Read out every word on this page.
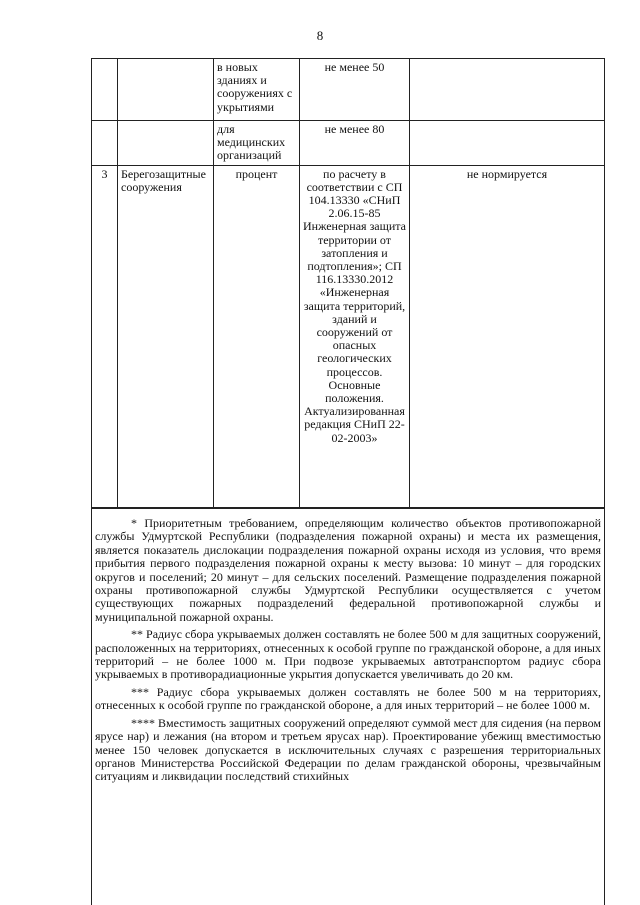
8
		в новых зданиях и сооружениях с укрытиями	не менее 50	
		для медицинских организаций	не менее 80	
3	Берегозащитные сооружения	процент	по расчету в соответствии с СП 104.13330 «СНиП 2.06.15-85 Инженерная защита территории от затопления и подтопления»; СП 116.13330.2012 «Инженерная защита территорий, зданий и сооружений от опасных геологических процессов. Основные положения. Актуализированная редакция СНиП 22-02-2003»	не нормируется

* Приоритетным требованием, определяющим количество объектов противопожарной службы Удмуртской Республики (подразделения пожарной охраны) и места их размещения, является показатель дислокации подразделения пожарной охраны исходя из условия, что время прибытия первого подразделения пожарной охраны к месту вызова: 10 минут – для городских округов и поселений; 20 минут – для сельских поселений. Размещение подразделения пожарной охраны противопожарной службы Удмуртской Республики осуществляется с учетом существующих пожарных подразделений федеральной противопожарной службы и муниципальной пожарной охраны.

** Радиус сбора укрываемых должен составлять не более 500 м для защитных сооружений, расположенных на территориях, отнесенных к особой группе по гражданской обороне, а для иных территорий – не более 1000 м. При подвозе укрываемых автотранспортом радиус сбора укрываемых в противорадиационные укрытия допускается увеличивать до 20 км.

*** Радиус сбора укрываемых должен составлять не более 500 м на территориях, отнесенных к особой группе по гражданской обороне, а для иных территорий – не более 1000 м.

**** Вместимость защитных сооружений определяют суммой мест для сидения (на первом ярусе нар) и лежания (на втором и третьем ярусах нар). Проектирование убежищ вместимостью менее 150 человек допускается в исключительных случаях с разрешения территориальных органов Министерства Российской Федерации по делам гражданской обороны, чрезвычайным ситуациям и ликвидации последствий стихийных
